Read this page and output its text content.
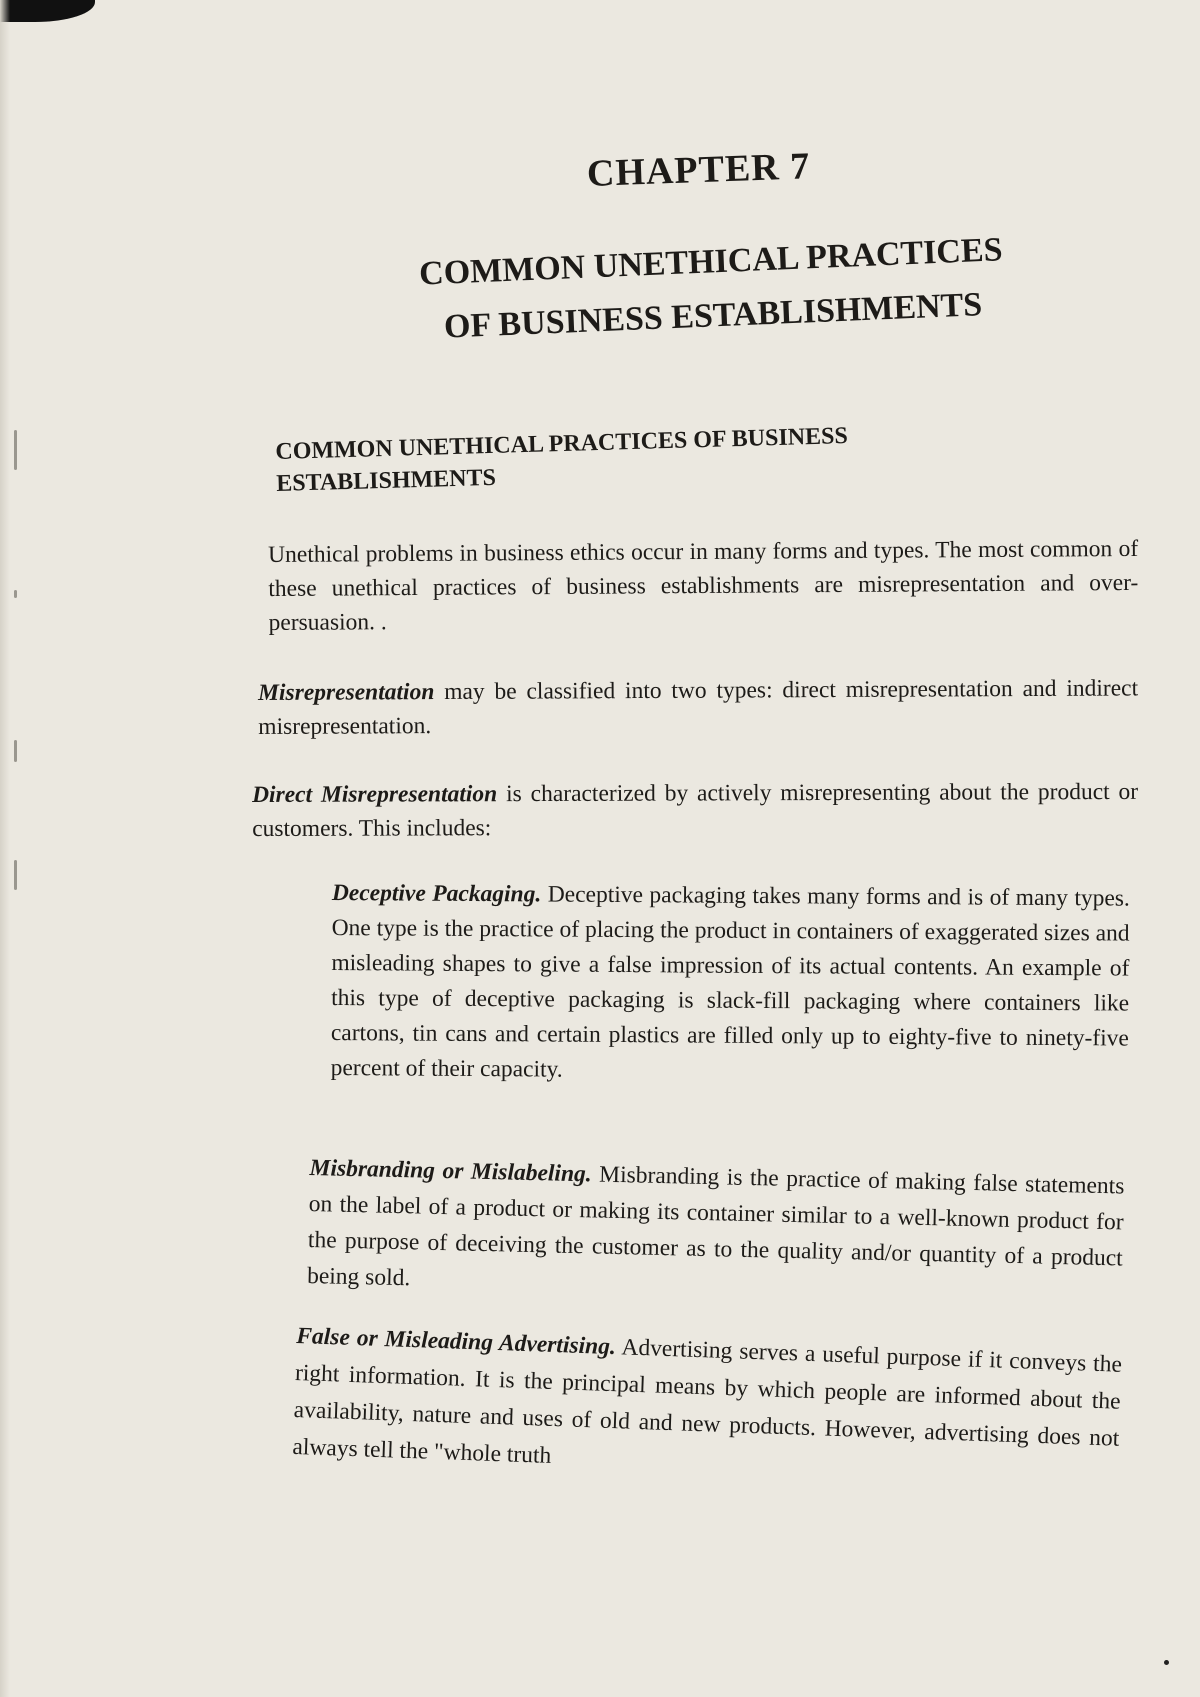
CHAPTER 7
COMMON UNETHICAL PRACTICES
OF BUSINESS ESTABLISHMENTS
COMMON UNETHICAL PRACTICES OF BUSINESS ESTABLISHMENTS
Unethical problems in business ethics occur in many forms and types. The most common of these unethical practices of business establishments are misrepresentation and over-persuasion. .
Misrepresentation may be classified into two types: direct misrepresentation and indirect misrepresentation.
Direct Misrepresentation is characterized by actively misrepresenting about the product or customers. This includes:
Deceptive Packaging. Deceptive packaging takes many forms and is of many types. One type is the practice of placing the product in containers of exaggerated sizes and misleading shapes to give a false impression of its actual contents. An example of this type of deceptive packaging is slack-fill packaging where containers like cartons, tin cans and certain plastics are filled only up to eighty-five to ninety-five percent of their capacity.
Misbranding or Mislabeling. Misbranding is the practice of making false statements on the label of a product or making its container similar to a well-known product for the purpose of deceiving the customer as to the quality and/or quantity of a product being sold.
False or Misleading Advertising. Advertising serves a useful purpose if it conveys the right information. It is the principal means by which people are informed about the availability, nature and uses of old and new products. However, advertising does not always tell the "whole truth
